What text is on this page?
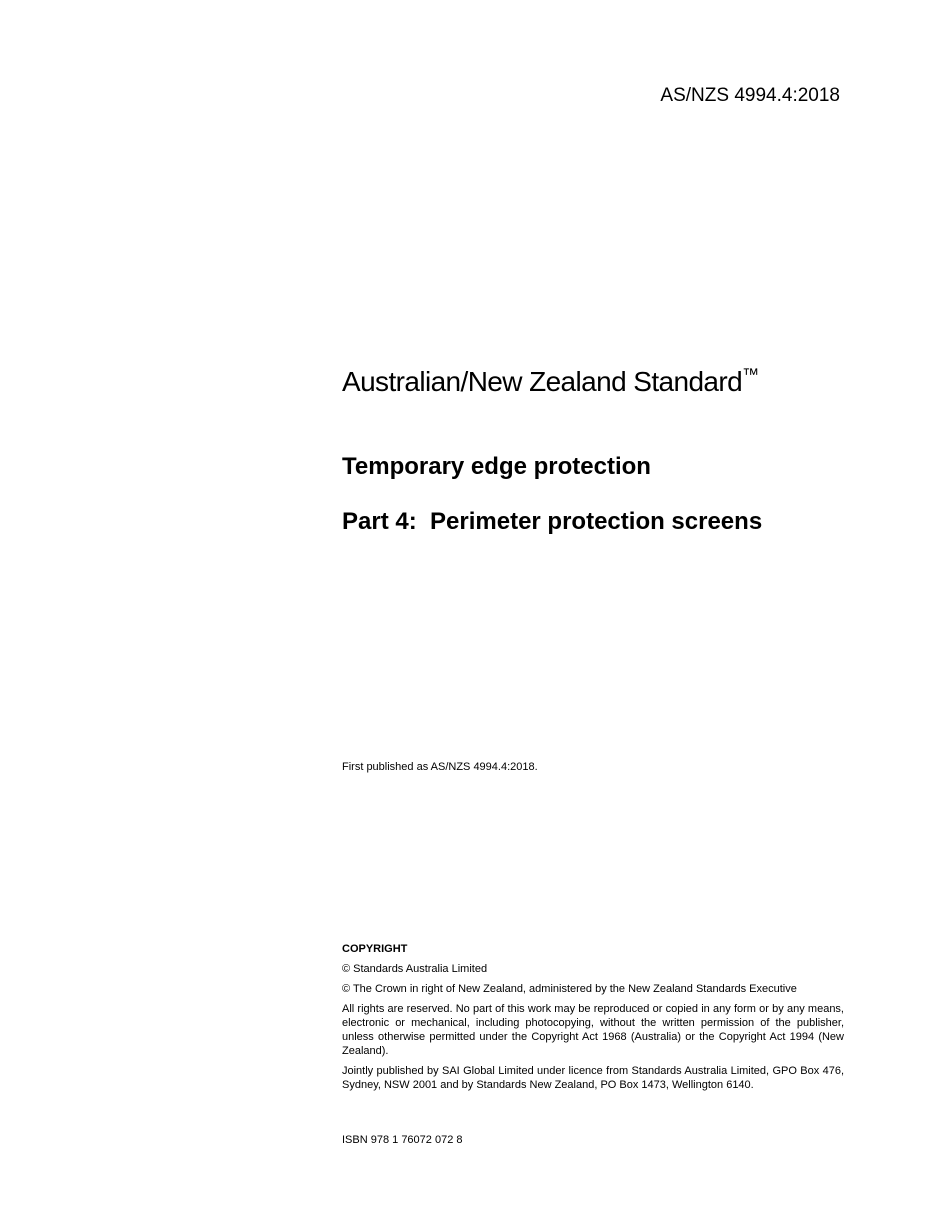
AS/NZS 4994.4:2018
Australian/New Zealand Standard™
Temporary edge protection
Part 4:  Perimeter protection screens
First published as AS/NZS 4994.4:2018.
COPYRIGHT

© Standards Australia Limited

© The Crown in right of New Zealand, administered by the New Zealand Standards Executive

All rights are reserved. No part of this work may be reproduced or copied in any form or by any means, electronic or mechanical, including photocopying, without the written permission of the publisher, unless otherwise permitted under the Copyright Act 1968 (Australia) or the Copyright Act 1994 (New Zealand).

Jointly published by SAI Global Limited under licence from Standards Australia Limited, GPO Box 476, Sydney, NSW 2001 and by Standards New Zealand, PO Box 1473, Wellington 6140.

ISBN 978 1 76072 072 8
